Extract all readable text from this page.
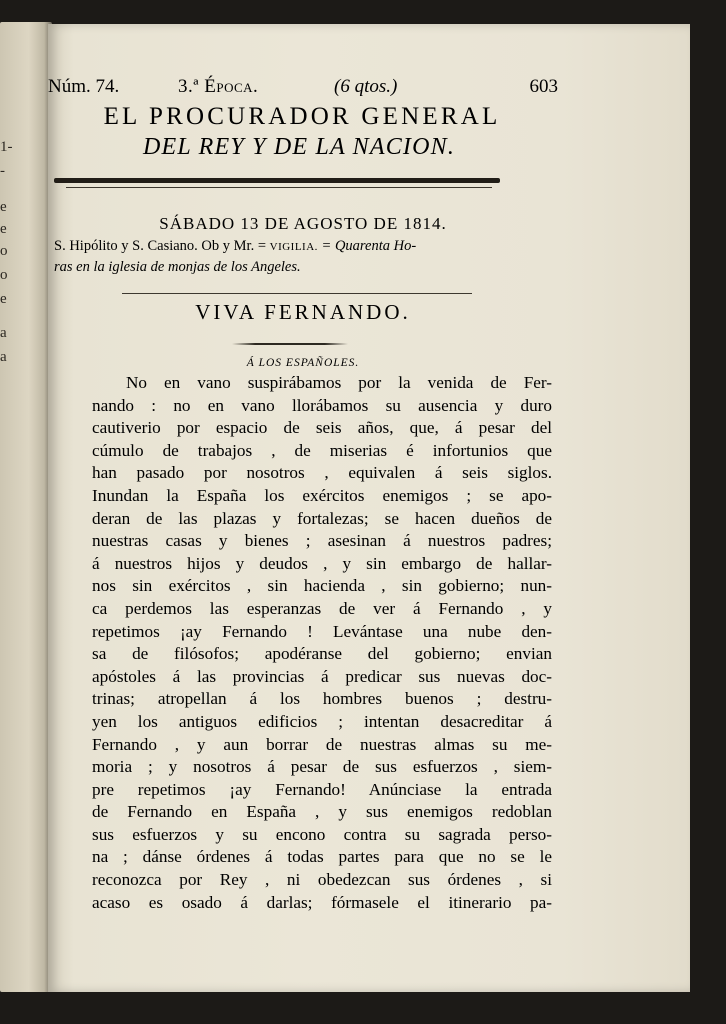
1-
-
e
e
o
o
e
a
a
Núm. 74.	3.ª Época.	(6 qtos.)	603
EL PROCURADOR GENERAL
DEL REY Y DE LA NACION.
SÁBADO 13 DE AGOSTO DE 1814.
S. Hipólito y S. Casiano. Ob y Mr. = VIGILIA. = Quarenta Ho-
ras en la iglesia de monjas de los Angeles.
VIVA FERNANDO.
Á LOS ESPAÑOLES.
No en vano suspirábamos por la venida de Fer-
nando : no en vano llorábamos su ausencia y duro
cautiverio por espacio de seis años, que, á pesar del
cúmulo de trabajos , de miserias é infortunios que
han pasado por nosotros , equivalen á seis siglos.
Inundan la España los exércitos enemigos ; se apo-
deran de las plazas y fortalezas; se hacen dueños de
nuestras casas y bienes ; asesinan á nuestros padres;
á nuestros hijos y deudos , y sin embargo de hallar-
nos sin exércitos , sin hacienda , sin gobierno; nun-
ca perdemos las esperanzas de ver á Fernando , y
repetimos ¡ay Fernando ! Levántase una nube den-
sa de filósofos; apodéranse del gobierno; envian
apóstoles á las provincias á predicar sus nuevas doc-
trinas; atropellan á los hombres buenos ; destru-
yen los antiguos edificios ; intentan desacreditar á
Fernando , y aun borrar de nuestras almas su me-
moria ; y nosotros á pesar de sus esfuerzos , siem-
pre repetimos ¡ay Fernando! Anúnciase la entrada
de Fernando en España , y sus enemigos redoblan
sus esfuerzos y su encono contra su sagrada perso-
na ; dánse órdenes á todas partes para que no se le
reconozca por Rey , ni obedezcan sus órdenes , si
acaso es osado á darlas; fórmasele el itinerario pa-
